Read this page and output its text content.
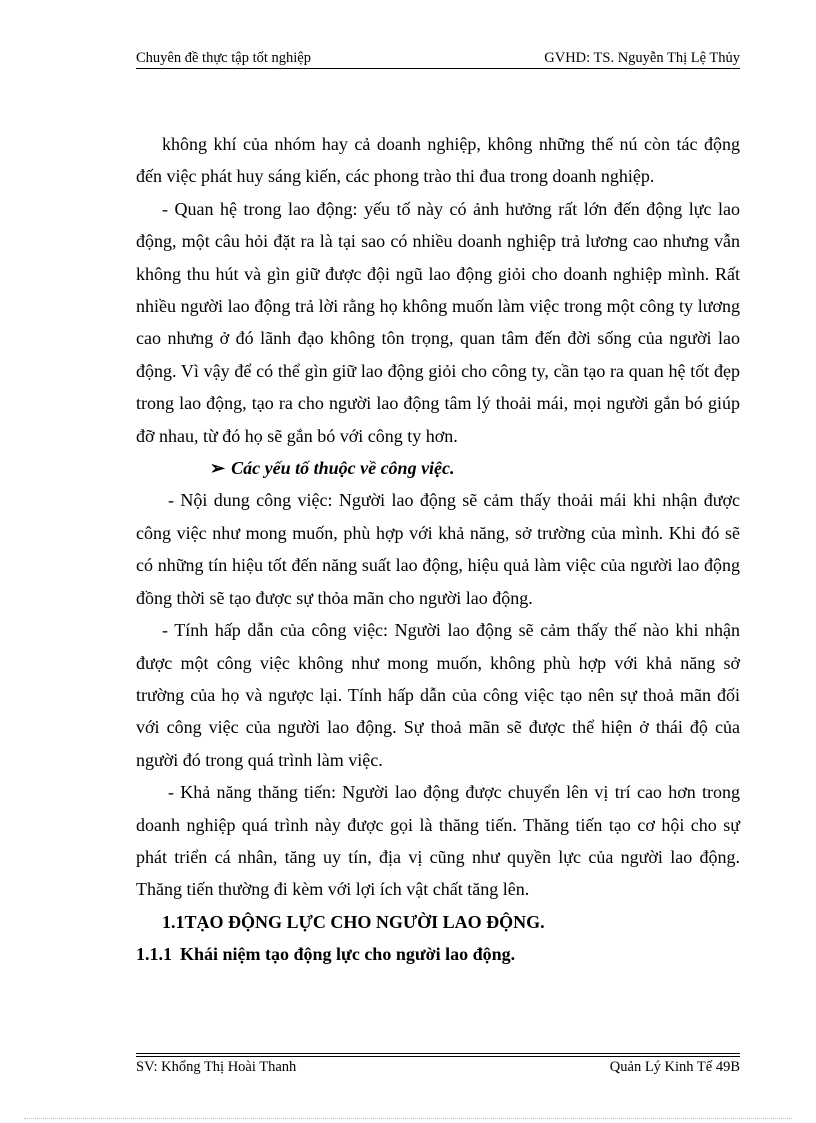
Chuyên đề thực tập tốt nghiệp	GVHD: TS. Nguyễn Thị Lệ Thủy

không khí của nhóm hay cả doanh nghiệp, không những thế nú còn tác động đến việc phát huy sáng kiến, các phong trào thi đua trong doanh nghiệp.

- Quan hệ trong lao động: yếu tố này có ảnh hưởng rất lớn đến động lực lao động, một câu hỏi đặt ra là tại sao có nhiều doanh nghiệp trả lương cao nhưng vẫn không thu hút và gìn giữ được đội ngũ lao động giỏi cho doanh nghiệp mình. Rất nhiều người lao động trả lời rằng họ không muốn làm việc trong một công ty lương cao nhưng ở đó lãnh đạo không tôn trọng, quan tâm đến đời sống của người lao động. Vì vậy để có thể gìn giữ lao động giỏi cho công ty, cần tạo ra quan hệ tốt đẹp trong lao động, tạo ra cho người lao động tâm lý thoải mái, mọi người gắn bó giúp đỡ nhau, từ đó họ sẽ gắn bó với công ty hơn.

➢ Các yếu tố thuộc về công việc.

- Nội dung công việc: Người lao động sẽ cảm thấy thoải mái khi nhận được công việc như mong muốn, phù hợp với khả năng, sở trường của mình. Khi đó sẽ có những tín hiệu tốt đến năng suất lao động, hiệu quả làm việc của người lao động đồng thời sẽ tạo được sự thỏa mãn cho người lao động.

- Tính hấp dẫn của công việc: Người lao động sẽ cảm thấy thế nào khi nhận được một công việc không như mong muốn, không phù hợp với khả năng sở trường của họ và ngược lại. Tính hấp dẫn của công việc tạo nên sự thoả mãn đối với công việc của người lao động. Sự thoả mãn sẽ được thể hiện ở thái độ của người đó trong quá trình làm việc.

- Khả năng thăng tiến: Người lao động được chuyển lên vị trí cao hơn trong doanh nghiệp quá trình này được gọi là thăng tiến. Thăng tiến tạo cơ hội cho sự phát triển cá nhân, tăng uy tín, địa vị cũng như quyền lực của người lao động. Thăng tiến thường đi kèm với lợi ích vật chất tăng lên.

1.1TẠO ĐỘNG LỰC CHO NGƯỜI LAO ĐỘNG.

1.1.1 Khái niệm tạo động lực cho người lao động.

SV: Khổng Thị Hoài Thanh	Quản Lý Kinh Tế 49B
